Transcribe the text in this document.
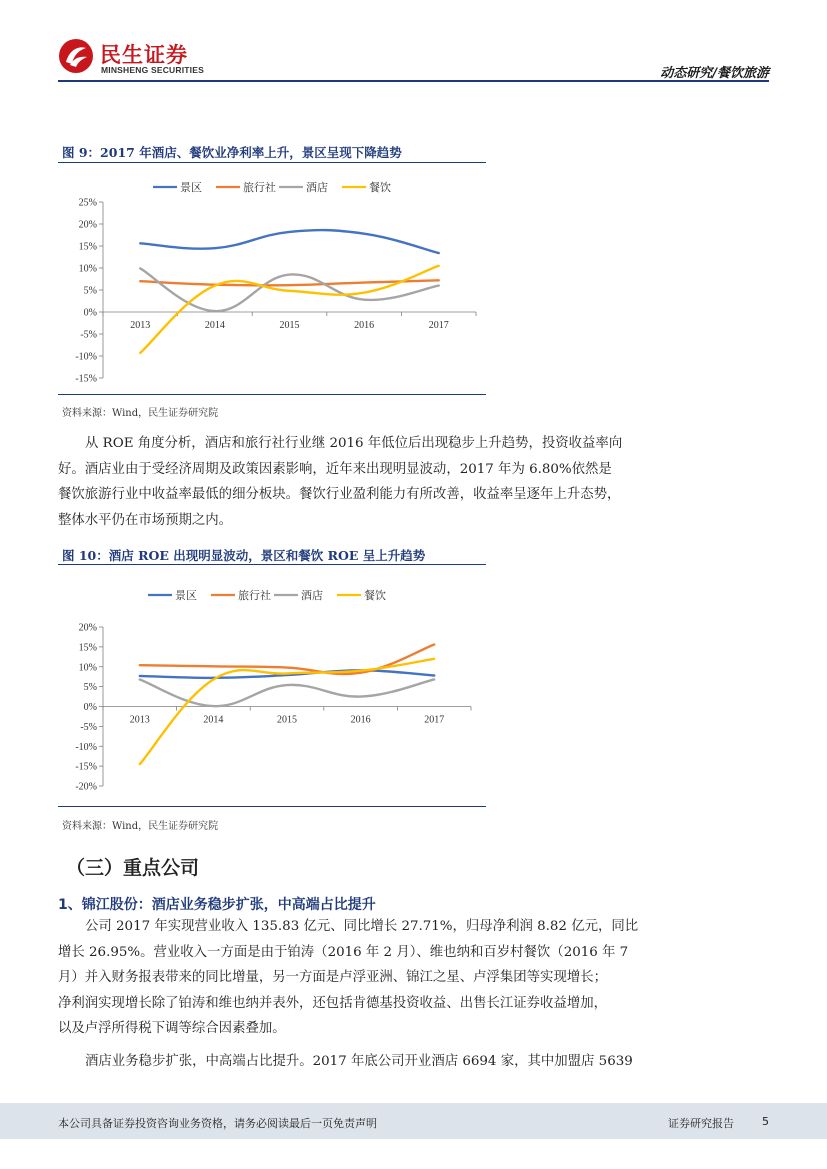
民生证券
MINSHENG SECURITIES	动态研究/餐饮旅游
图 9：2017 年酒店、餐饮业净利率上升，景区呈现下降趋势
景区	旅行社	酒店	餐饮
25%
20%
15%
10%
5%
0%
-5%
-10%
-15%
2013	2014	2015	2016	2017
资料来源：Wind，民生证券研究院
从 ROE 角度分析，酒店和旅行社行业继 2016 年低位后出现稳步上升趋势，投资收益率向
好。酒店业由于受经济周期及政策因素影响，近年来出现明显波动，2017 年为 6.80%依然是
餐饮旅游行业中收益率最低的细分板块。餐饮行业盈利能力有所改善，收益率呈逐年上升态势，
整体水平仍在市场预期之内。
图 10：酒店 ROE 出现明显波动，景区和餐饮 ROE 呈上升趋势
景区	旅行社	酒店	餐饮
20%
15%
10%
5%
0%
-5%
-10%
-15%
-20%
2013	2014	2015	2016	2017
资料来源：Wind，民生证券研究院
（三）重点公司
1、锦江股份：酒店业务稳步扩张，中高端占比提升
公司 2017 年实现营业收入 135.83 亿元、同比增长 27.71%，归母净利润 8.82 亿元，同比
增长 26.95%。营业收入一方面是由于铂涛（2016 年 2 月）、维也纳和百岁村餐饮（2016 年 7
月）并入财务报表带来的同比增量，另一方面是卢浮亚洲、锦江之星、卢浮集团等实现增长；
净利润实现增长除了铂涛和维也纳并表外，还包括肯德基投资收益、出售长江证券收益增加，
以及卢浮所得税下调等综合因素叠加。
酒店业务稳步扩张，中高端占比提升。2017 年底公司开业酒店 6694 家，其中加盟店 5639
本公司具备证券投资咨询业务资格，请务必阅读最后一页免责声明	证券研究报告	5
